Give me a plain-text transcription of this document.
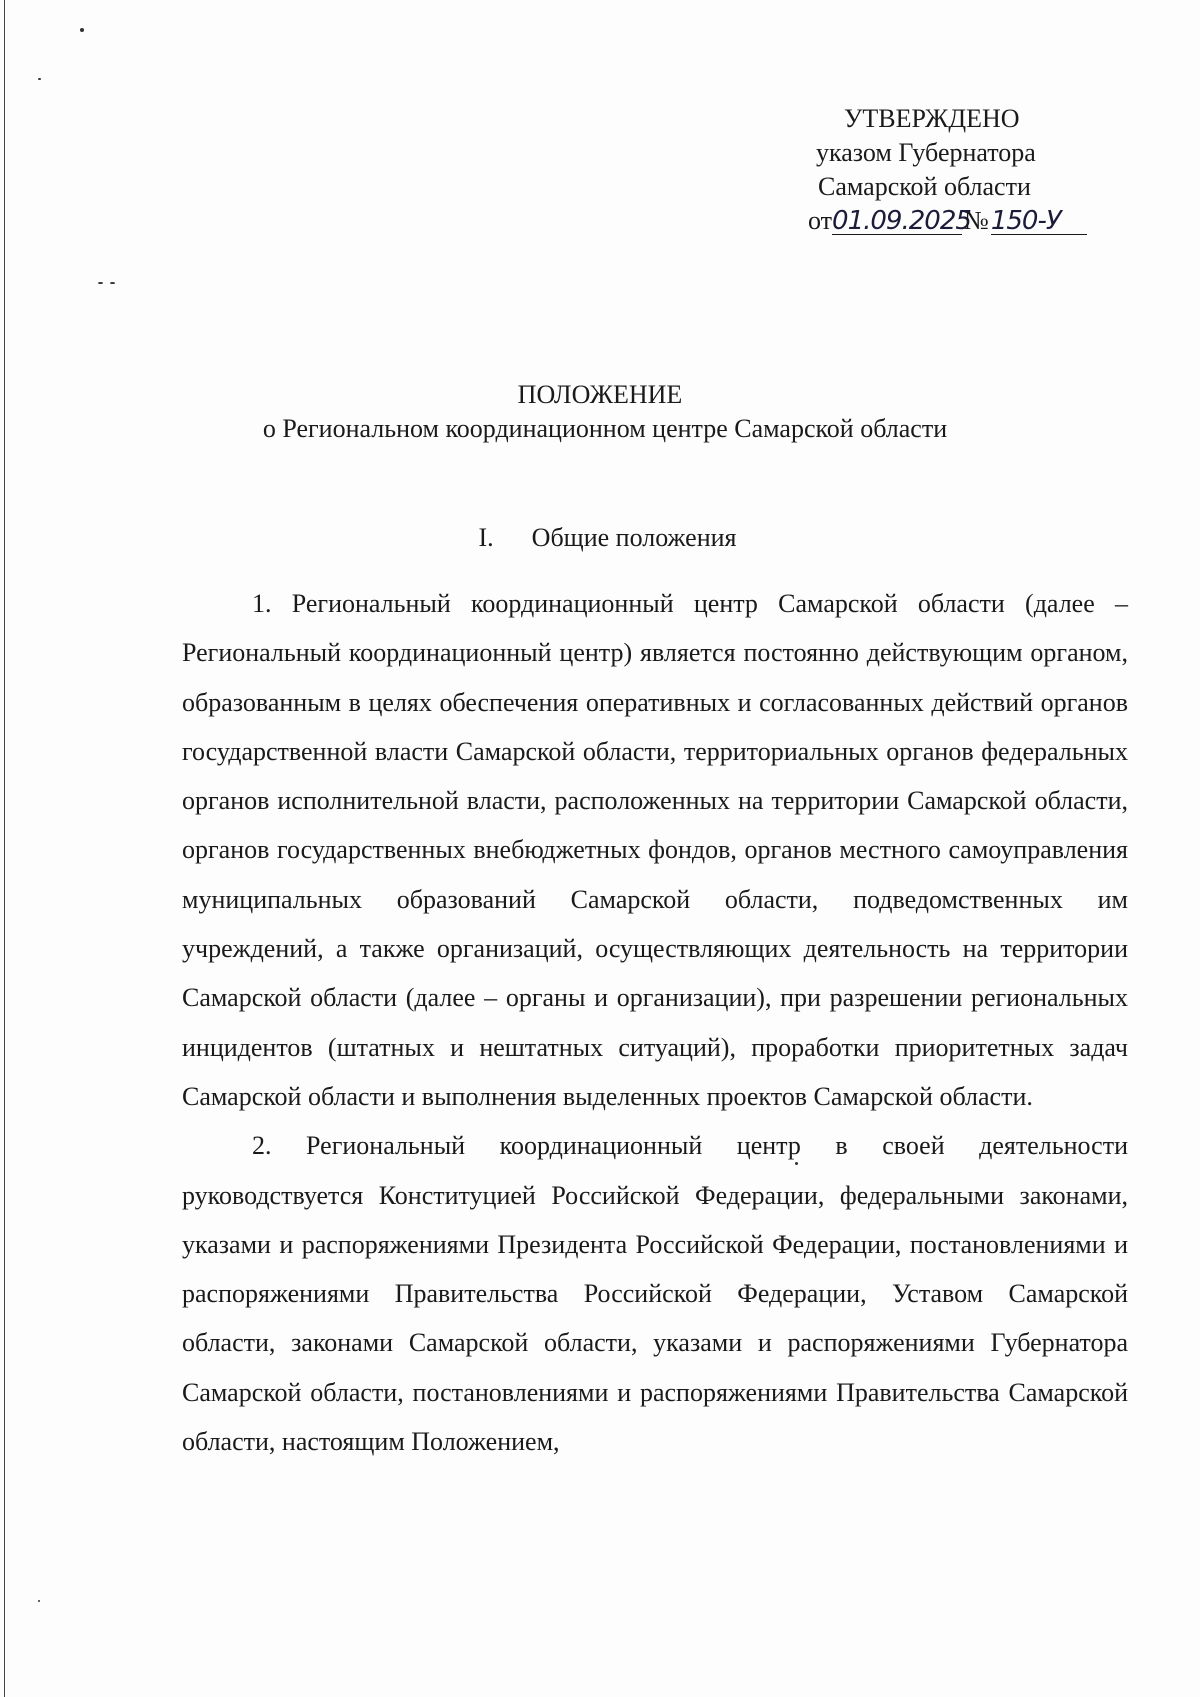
УТВЕРЖДЕНО
указом Губернатора
Самарской области
от01.09.2025№150-У
ПОЛОЖЕНИЕ
о Региональном координационном центре Самарской области
I. Общие положения

1. Региональный координационный центр Самарской области (далее – Региональный координационный центр) является постоянно действующим органом, образованным в целях обеспечения оперативных и согласованных действий органов государственной власти Самарской области, территориальных органов федеральных органов исполнительной власти, расположенных на территории Самарской области, органов государственных внебюджетных фондов, органов местного самоуправления муниципальных образований Самарской области, подведомственных им учреждений, а также организаций, осуществляющих деятельность на территории Самарской области (далее – органы и организации), при разрешении региональных инцидентов (штатных и нештатных ситуаций), проработки приоритетных задач Самарской области и выполнения выделенных проектов Самарской области.

2. Региональный координационный центр в своей деятельности руководствуется Конституцией Российской Федерации, федеральными законами, указами и распоряжениями Президента Российской Федерации, постановлениями и распоряжениями Правительства Российской Федерации, Уставом Самарской области, законами Самарской области, указами и распоряжениями Губернатора Самарской области, постановлениями и распоряжениями Правительства Самарской области, настоящим Положением,
